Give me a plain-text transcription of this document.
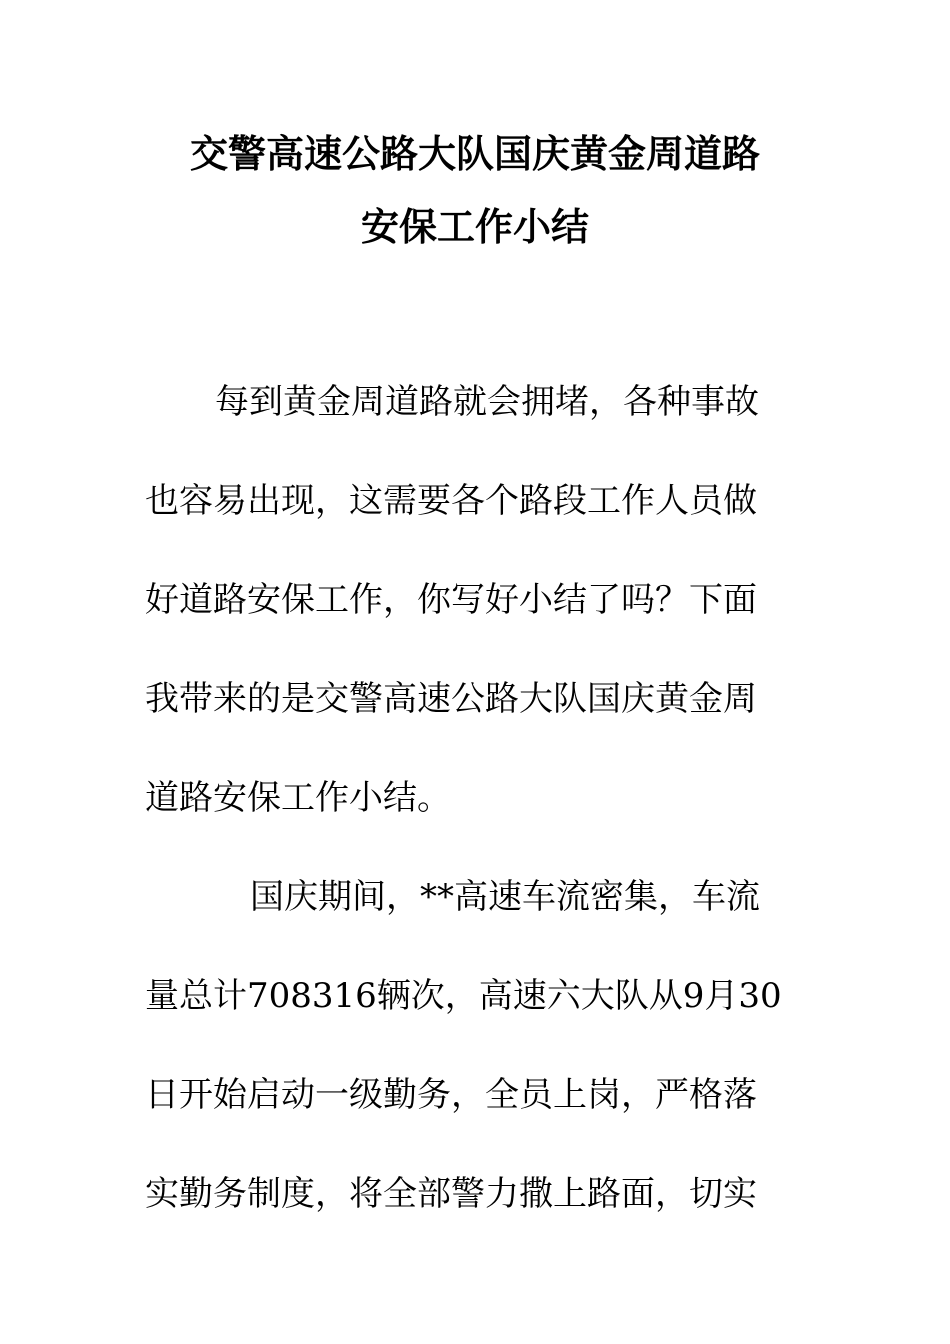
交警高速公路大队国庆黄金周道路
安保工作小结
每到黄金周道路就会拥堵，各种事故
也容易出现，这需要各个路段工作人员做
好道路安保工作，你写好小结了吗？下面
我带来的是交警高速公路大队国庆黄金周
道路安保工作小结。
国庆期间，**高速车流密集，车流
量总计708316辆次，高速六大队从9月30
日开始启动一级勤务，全员上岗，严格落
实勤务制度，将全部警力撒上路面，切实
